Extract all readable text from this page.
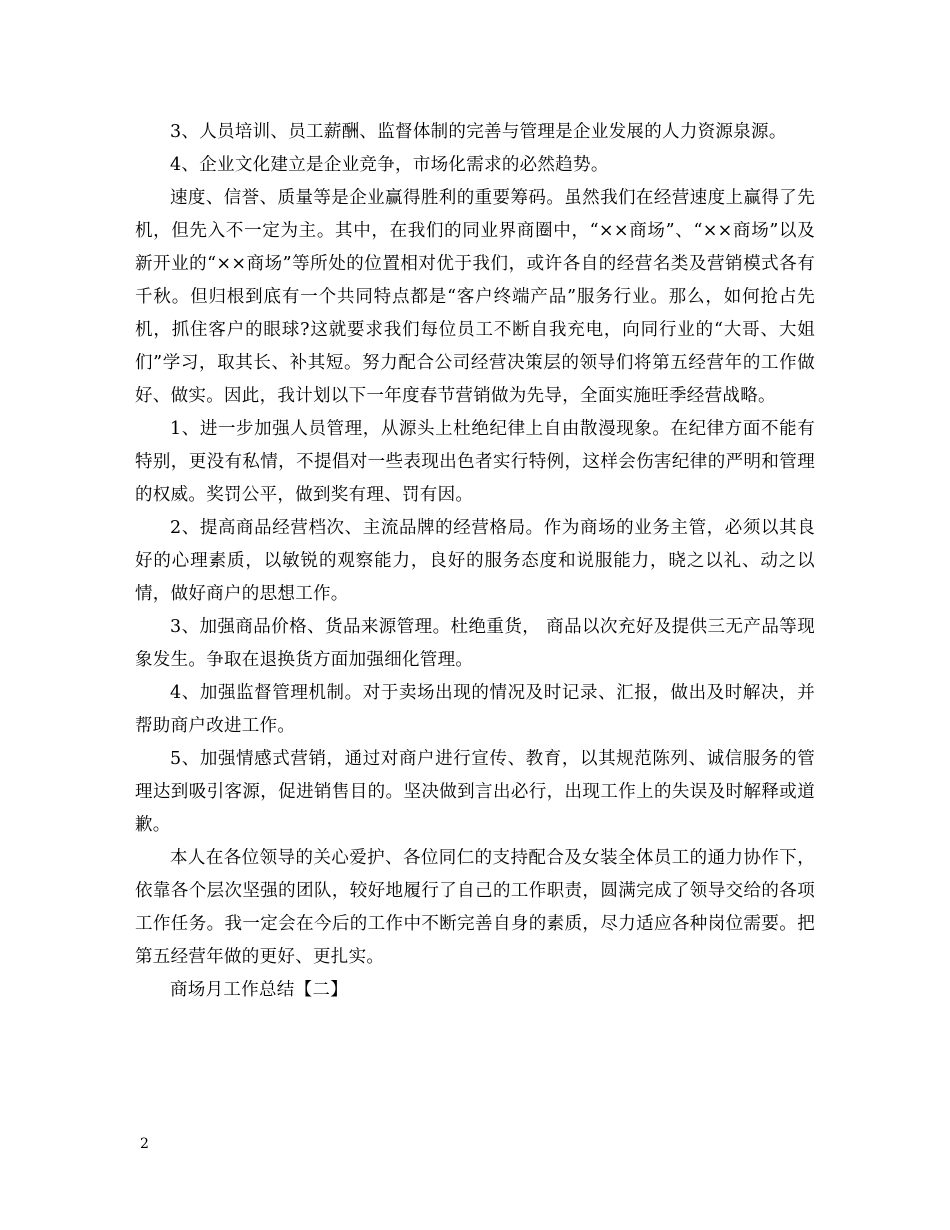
3、人员培训、员工薪酬、监督体制的完善与管理是企业发展的人力资源泉源。

4、企业文化建立是企业竞争，市场化需求的必然趋势。

速度、信誉、质量等是企业赢得胜利的重要筹码。虽然我们在经营速度上赢得了先机，但先入不一定为主。其中，在我们的同业界商圈中，“××商场”、“××商场”以及新开业的“××商场”等所处的位置相对优于我们，或许各自的经营名类及营销模式各有千秋。但归根到底有一个共同特点都是“客户终端产品”服务行业。那么，如何抢占先机，抓住客户的眼球?这就要求我们每位员工不断自我充电，向同行业的“大哥、大姐们”学习，取其长、补其短。努力配合公司经营决策层的领导们将第五经营年的工作做好、做实。因此，我计划以下一年度春节营销做为先导，全面实施旺季经营战略。

1、进一步加强人员管理，从源头上杜绝纪律上自由散漫现象。在纪律方面不能有特别，更没有私情，不提倡对一些表现出色者实行特例，这样会伤害纪律的严明和管理的权威。奖罚公平，做到奖有理、罚有因。

2、提高商品经营档次、主流品牌的经营格局。作为商场的业务主管，必须以其良好的心理素质，以敏锐的观察能力，良好的服务态度和说服能力，晓之以礼、动之以情，做好商户的思想工作。

3、加强商品价格、货品来源管理。杜绝重货， 商品以次充好及提供三无产品等现象发生。争取在退换货方面加强细化管理。

4、加强监督管理机制。对于卖场出现的情况及时记录、汇报，做出及时解决，并帮助商户改进工作。

5、加强情感式营销，通过对商户进行宣传、教育，以其规范陈列、诚信服务的管理达到吸引客源，促进销售目的。坚决做到言出必行，出现工作上的失误及时解释或道歉。

本人在各位领导的关心爱护、各位同仁的支持配合及女装全体员工的通力协作下，依靠各个层次坚强的团队，较好地履行了自己的工作职责，圆满完成了领导交给的各项工作任务。我一定会在今后的工作中不断完善自身的素质，尽力适应各种岗位需要。把第五经营年做的更好、更扎实。

商场月工作总结【二】

2
